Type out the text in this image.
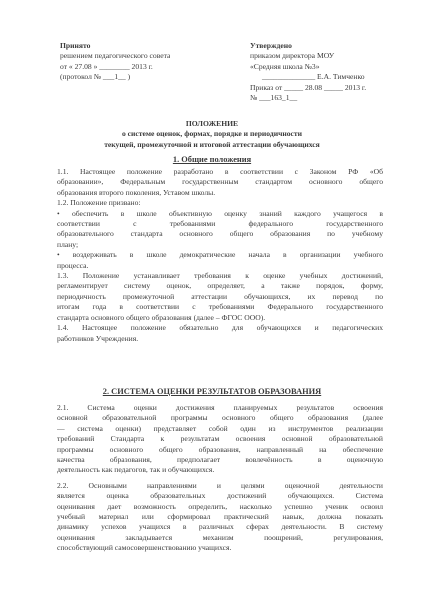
Принято
решением педагогического совета
от « 27.08 » ________ 2013 г.
(протокол № ___1__ )
Утверждено
приказом директора МОУ
«Средняя школа №3»
______________ Е.А. Тимченко
Приказ от _____ 28.08 _____ 2013 г.
№ ___163_1__
ПОЛОЖЕНИЕ
о системе оценок, формах, порядке и периодичности
текущей, промежуточной и итоговой аттестации обучающихся
1. Общие положения
1.1. Настоящее положение разработано в соответствии с Законом РФ «Об
образовании», Федеральным государственным стандартом основного общего
образования второго поколения, Уставом школы.
1.2. Положение призвано:
• обеспечить в школе объективную оценку знаний каждого учащегося в
соответствии с требованиями федерального государственного
образовательного стандарта основного общего образования по учебному
плану;
• воздерживать в школе демократические начала в организации учебного
процесса.
1.3. Положение устанавливает требования к оценке учебных достижений,
регламентирует систему оценок, определяет, а также порядок, форму,
периодичность промежуточной аттестации обучающихся, их перевод по
итогам года в соответствии с требованиями Федерального государственного
стандарта основного общего образования (далее – ФГОС ООО).
1.4. Настоящее положение обязательно для обучающихся и педагогических
работников Учреждения.
2. СИСТЕМА ОЦЕНКИ РЕЗУЛЬТАТОВ ОБРАЗОВАНИЯ
2.1. Система оценки достижения планируемых результатов освоения
основной образовательной программы основного общего образования (далее
— система оценки) представляет собой один из инструментов реализации
требований Стандарта к результатам освоения основной образовательной
программы основного общего образования, направленный на обеспечение
качества образования, предполагает вовлечённость в оценочную
деятельность как педагогов, так и обучающихся.
2.2. Основными направлениями и целями оценочной деятельности
является оценка образовательных достижений обучающихся. Система
оценивания дает возможность определить, насколько успешно ученик освоил
учебный материал или сформировал практический навык, должна показать
динамику успехов учащихся в различных сферах деятельности. В систему
оценивания закладывается механизм поощрений, регулирования,
способствующий самосовершенствованию учащихся.
